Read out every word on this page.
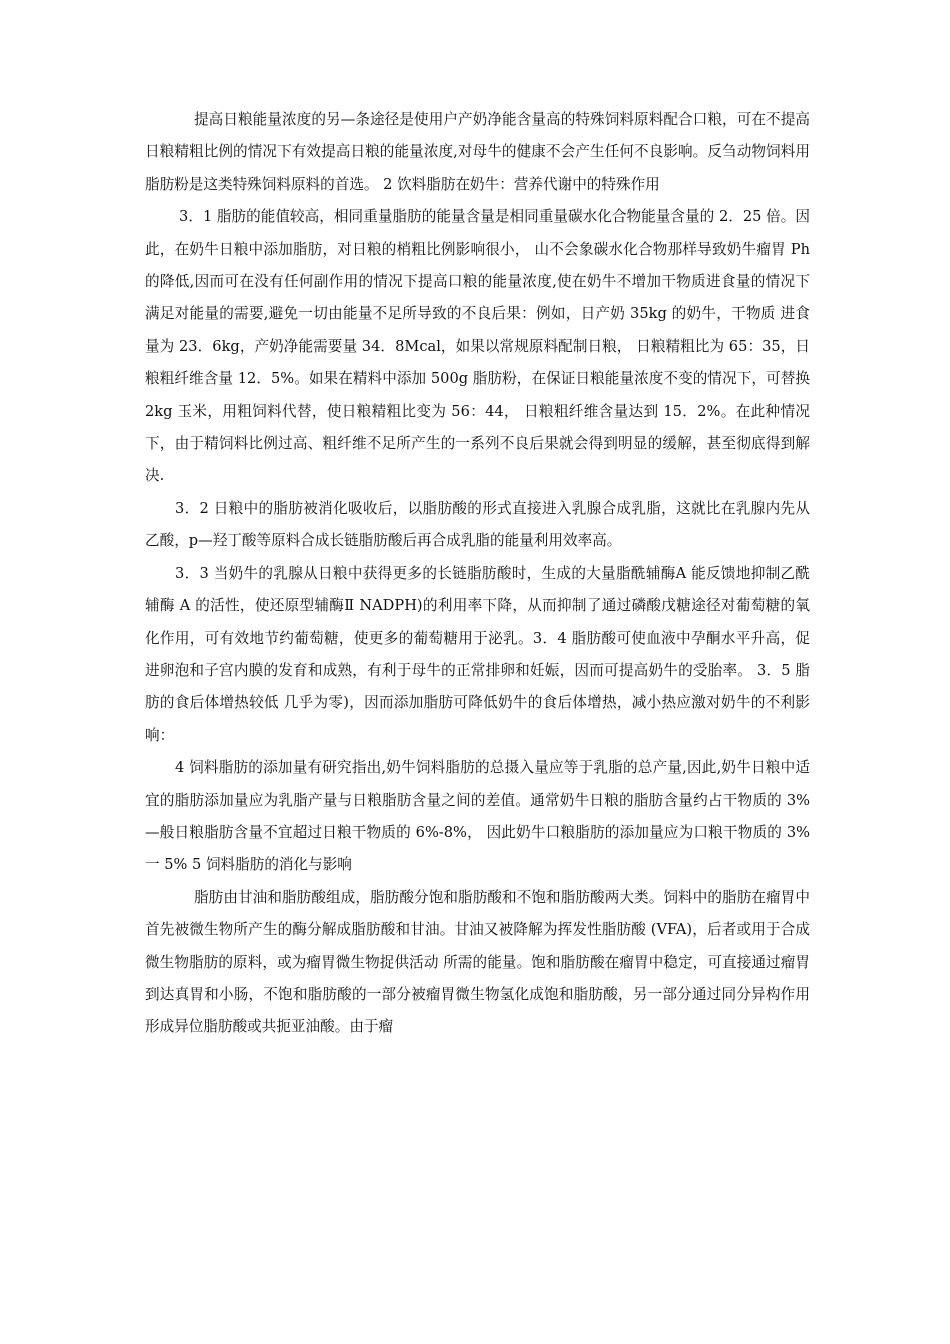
提高日粮能量浓度的另—条途径是使用户产奶净能含量高的特殊饲料原料配合口粮，可在不提高日粮精粗比例的情况下有效提高日粮的能量浓度,对母牛的健康不会产生任何不良影响。反刍动物饲料用脂肪粉是这类特殊饲料原料的首选。 2 饮料脂肪在奶牛：营养代谢中的特殊作用

3．1 脂肪的能值较高，相同重量脂肪的能量含量是相同重量碳水化合物能量含量的 2．25 倍。因此，在奶牛日粮中添加脂肪，对日粮的梢粗比例影响很小， 山不会象碳水化合物那样导致奶牛瘤胃 Ph 的降低,因而可在没有任何副作用的情况下提高口粮的能量浓度,使在奶牛不增加干物质进食量的情况下满足对能量的需要,避免一切由能量不足所导致的不良后果：例如，日产奶 35kg 的奶牛，干物质 进食量为 23．6kg，产奶净能需要量 34．8Mcal，如果以常规原料配制日粮， 日粮精粗比为 65：35，日粮粗纤维含量 12．5%。如果在精料中添加 500g 脂肪粉，在保证日粮能量浓度不变的情况下，可替换 2kg 玉米，用粗饲料代替，使日粮精粗比变为 56：44， 日粮粗纤维含量达到 15．2%。在此种情况下，由于精饲料比例过高、粗纤维不足所产生的一系列不良后果就会得到明显的缓解，甚至彻底得到解决.

3．2 日粮中的脂肪被消化吸收后，以脂肪酸的形式直接进入乳腺合成乳脂，这就比在乳腺内先从乙酸，p—羟丁酸等原料合成长链脂肪酸后再合成乳脂的能量利用效率高。

3．3 当奶牛的乳腺从日粮中获得更多的长链脂肪酸时，生成的大量脂酰辅酶A 能反馈地抑制乙酰辅酶 A 的活性，使还原型辅酶Ⅱ NADPH)的利用率下降，从而抑制了通过磷酸戊糖途径对葡萄糖的氧化作用，可有效地节约葡萄糖，使更多的葡萄糖用于泌乳。3．4 脂肪酸可使血液中孕酮水平升高，促进卵泡和子宫内膜的发育和成熟，有利于母牛的正常排卵和妊娠，因而可提高奶牛的受胎率。 3．5 脂肪的食后体增热较低 几乎为零)，因而添加脂肪可降低奶牛的食后体增热，减小热应激对奶牛的不利影响：

4 饲料脂肪的添加量有研究指出,奶牛饲料脂肪的总摄入量应等于乳脂的总产量,因此,奶牛日粮中适宜的脂肪添加量应为乳脂产量与日粮脂肪含量之间的差值。通常奶牛日粮的脂肪含量约占干物质的 3%—般日粮脂肪含量不宜超过日粮干物质的 6%-8%， 因此奶牛口粮脂肪的添加量应为口粮干物质的 3%一 5% 5 饲料脂肪的消化与影响

脂肪由甘油和脂肪酸组成，脂肪酸分饱和脂肪酸和不饱和脂肪酸两大类。饲料中的脂肪在瘤胃中首先被微生物所产生的酶分解成脂肪酸和甘油。甘油又被降解为挥发性脂肪酸 (VFA)，后者或用于合成微生物脂肪的原料，或为瘤胃微生物捉供活动 所需的能量。饱和脂肪酸在瘤胃中稳定，可直接通过瘤胃到达真胃和小肠，不饱和脂肪酸的一部分被瘤胃微生物氢化成饱和脂肪酸，另一部分通过同分异构作用形成异位脂肪酸或共扼亚油酸。由于瘤
